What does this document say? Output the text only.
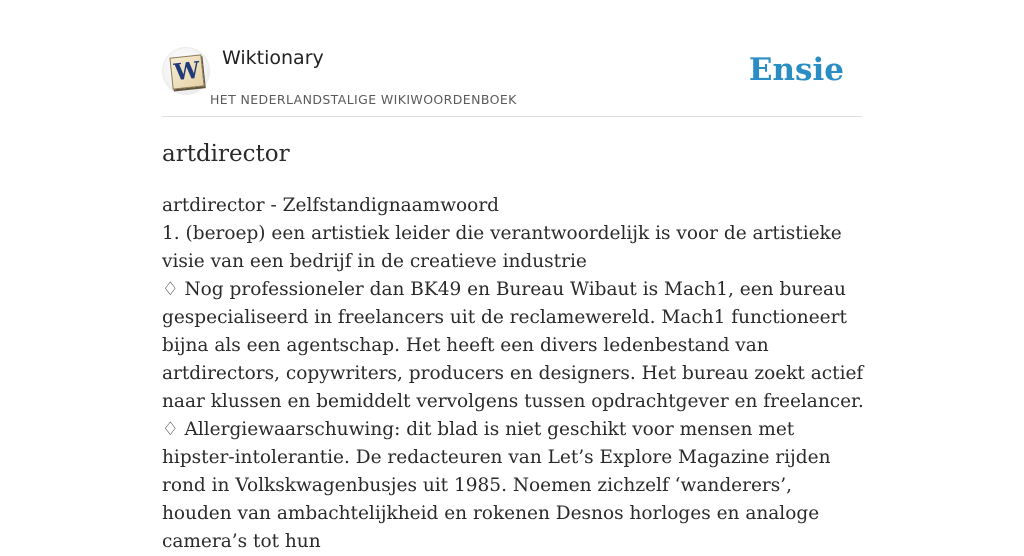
W Wiktionary
HET NEDERLANDSTALIGE WIKIWOORDENBOEK
Ensie
artdirector

artdirector - Zelfstandignaamwoord

1. (beroep) een artistiek leider die verantwoordelijk is voor de artistieke visie van een bedrijf in de creatieve industrie

♢ Nog professioneler dan BK49 en Bureau Wibaut is Mach1, een bureau gespecialiseerd in freelancers uit de reclamewereld. Mach1 functioneert bijna als een agentschap. Het heeft een divers ledenbestand van artdirectors, copywriters, producers en designers. Het bureau zoekt actief naar klussen en bemiddelt vervolgens tussen opdrachtgever en freelancer.

♢ Allergiewaarschuwing: dit blad is niet geschikt voor mensen met hipster-intolerantie. De redacteuren van Let’s Explore Magazine rijden rond in Volkskwagenbusjes uit 1985. Noemen zichzelf ‘wanderers’, houden van ambachtelijkheid en rokenen Desnos horloges en analoge camera’s tot hun
